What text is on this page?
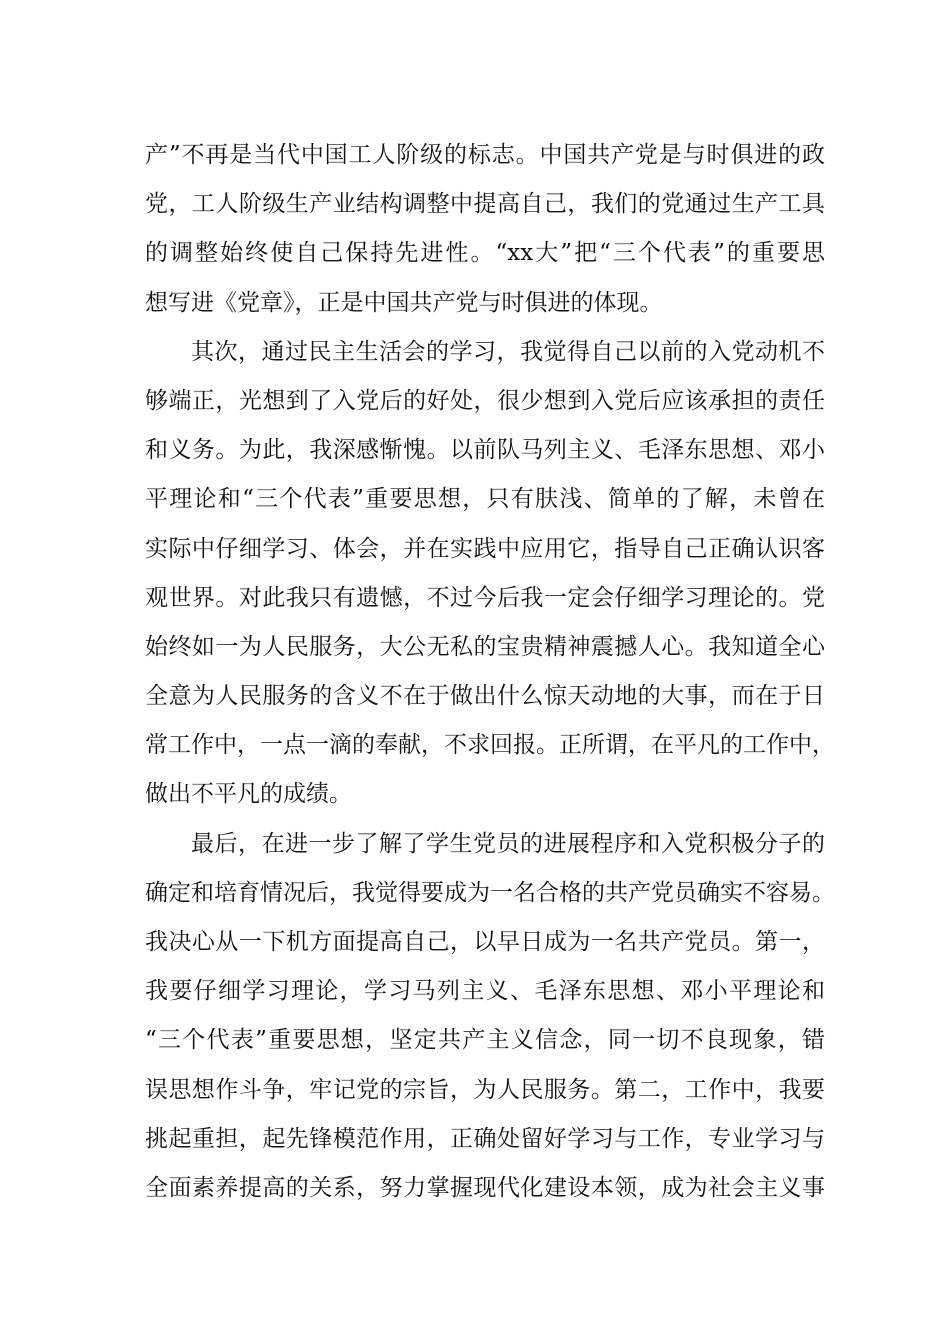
产”不再是当代中国工人阶级的标志。中国共产党是与时俱进的政
党，工人阶级生产业结构调整中提高自己，我们的党通过生产工具
的调整始终使自己保持先进性。“xx大”把“三个代表”的重要思
想写进《党章》，正是中国共产党与时俱进的体现。
其次，通过民主生活会的学习，我觉得自己以前的入党动机不
够端正，光想到了入党后的好处，很少想到入党后应该承担的责任
和义务。为此，我深感惭愧。以前队马列主义、毛泽东思想、邓小
平理论和“三个代表”重要思想，只有肤浅、简单的了解，未曾在
实际中仔细学习、体会，并在实践中应用它，指导自己正确认识客
观世界。对此我只有遗憾，不过今后我一定会仔细学习理论的。党
始终如一为人民服务，大公无私的宝贵精神震撼人心。我知道全心
全意为人民服务的含义不在于做出什么惊天动地的大事，而在于日
常工作中，一点一滴的奉献，不求回报。正所谓，在平凡的工作中，
做出不平凡的成绩。
最后，在进一步了解了学生党员的进展程序和入党积极分子的
确定和培育情况后，我觉得要成为一名合格的共产党员确实不容易。
我决心从一下机方面提高自己，以早日成为一名共产党员。第一，
我要仔细学习理论，学习马列主义、毛泽东思想、邓小平理论和
“三个代表”重要思想，坚定共产主义信念，同一切不良现象，错
误思想作斗争，牢记党的宗旨，为人民服务。第二，工作中，我要
挑起重担，起先锋模范作用，正确处留好学习与工作，专业学习与
全面素养提高的关系，努力掌握现代化建设本领，成为社会主义事
